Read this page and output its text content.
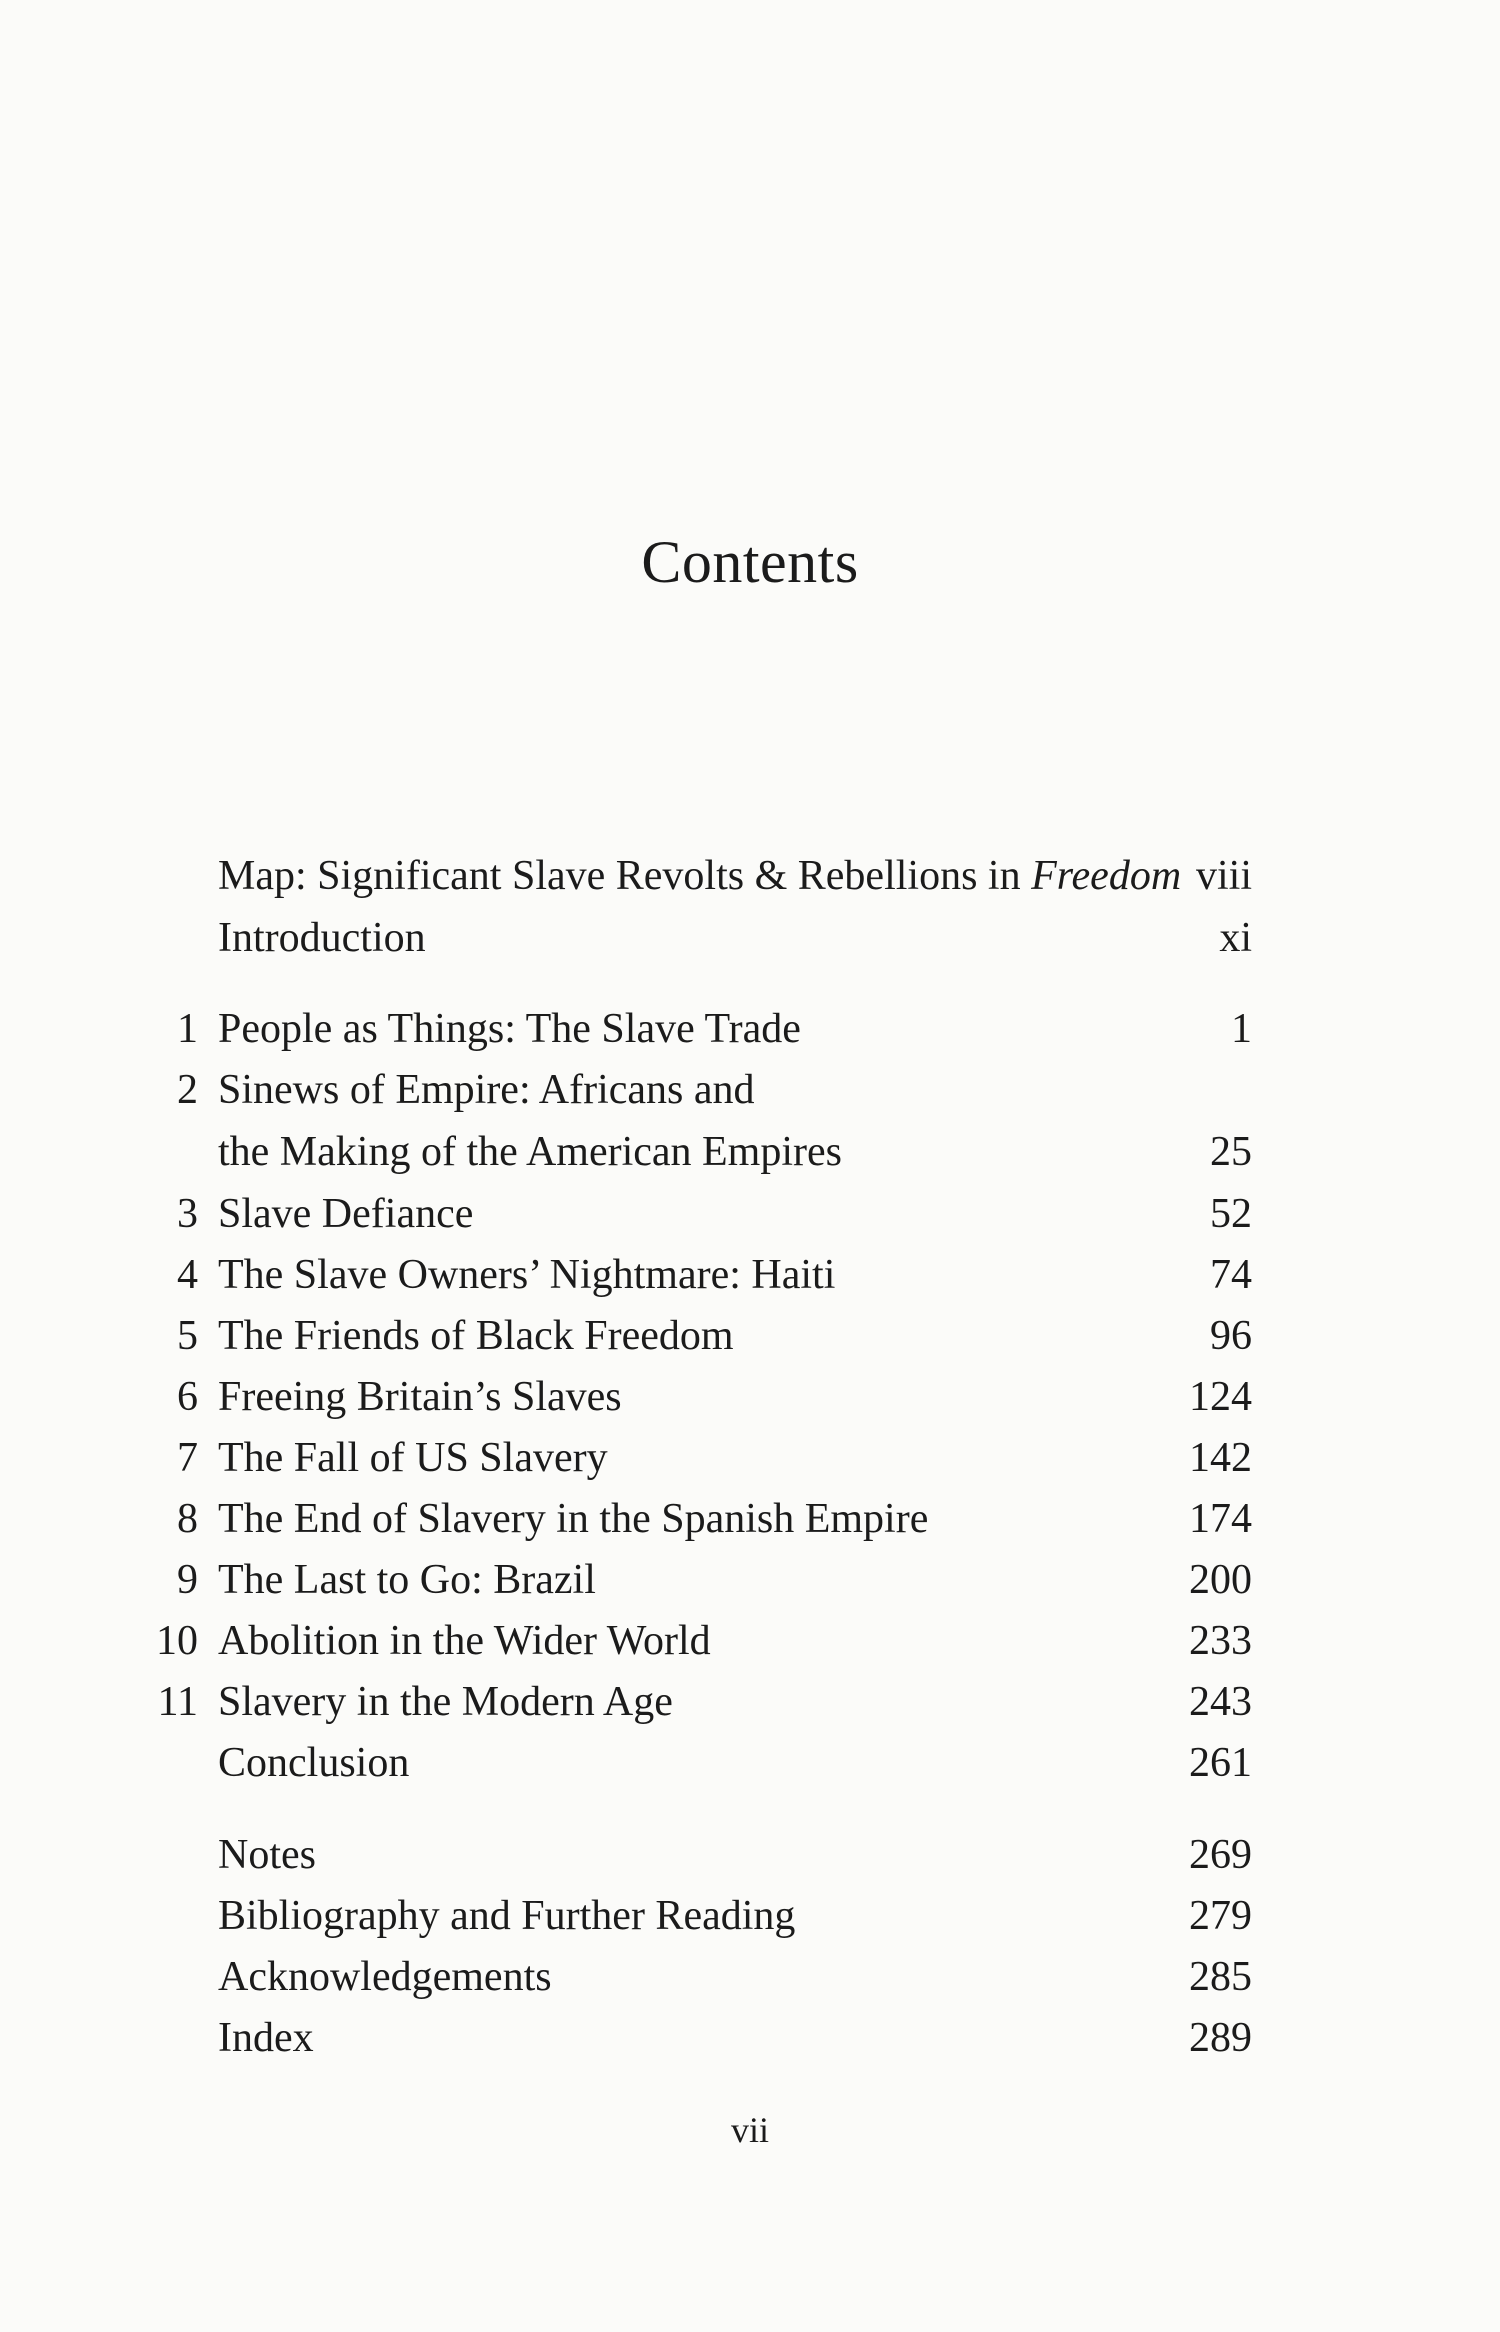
Contents
Map: Significant Slave Revolts & Rebellions in Freedom viii
Introduction	xi
1 People as Things: The Slave Trade	1
2 Sinews of Empire: Africans and
the Making of the American Empires	25
3 Slave Defiance	52
4 The Slave Owners’ Nightmare: Haiti	74
5 The Friends of Black Freedom	96
6 Freeing Britain’s Slaves	124
7 The Fall of US Slavery	142
8 The End of Slavery in the Spanish Empire	174
9 The Last to Go: Brazil	200
10 Abolition in the Wider World	233
11 Slavery in the Modern Age	243
Conclusion	261
Notes	269
Bibliography and Further Reading	279
Acknowledgements	285
Index	289
vii
